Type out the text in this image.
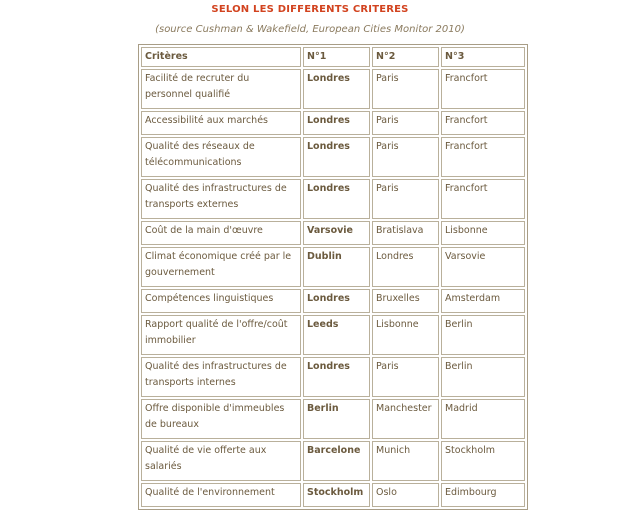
SELON LES DIFFERENTS CRITERES
(source Cushman & Wakefield, European Cities Monitor 2010)
Critères	N°1	N°2	N°3
Facilité de recruter du personnel qualifié	Londres	Paris	Francfort
Accessibilité aux marchés	Londres	Paris	Francfort
Qualité des réseaux de télécommunications	Londres	Paris	Francfort
Qualité des infrastructures de transports externes	Londres	Paris	Francfort
Coût de la main d'œuvre	Varsovie	Bratislava	Lisbonne
Climat économique créé par le gouvernement	Dublin	Londres	Varsovie
Compétences linguistiques	Londres	Bruxelles	Amsterdam
Rapport qualité de l'offre/coût immobilier	Leeds	Lisbonne	Berlin
Qualité des infrastructures de transports internes	Londres	Paris	Berlin
Offre disponible d'immeubles de bureaux	Berlin	Manchester	Madrid
Qualité de vie offerte aux salariés	Barcelone	Munich	Stockholm
Qualité de l'environnement	Stockholm	Oslo	Edimbourg
